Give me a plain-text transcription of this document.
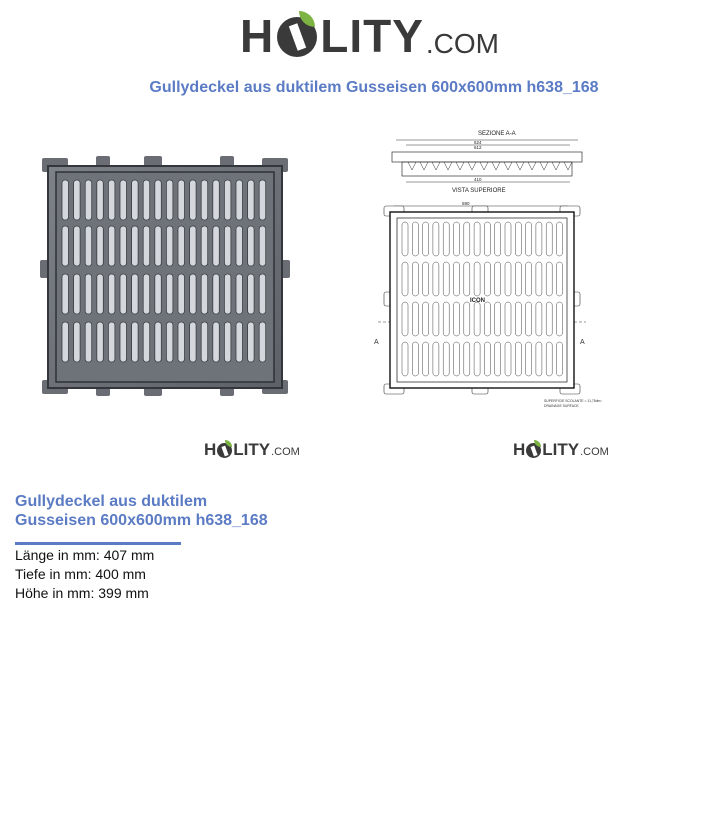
H LITY .COM
Gullydeckel aus duktilem Gusseisen 600x600mm h638_168
SEZIONE A-A
624
612
410
VISTA SUPERIORE
590
ICON
A	A
SUPERFICIE SCOLANTE = 11,75dm²
DRAINAGE SURFACE
H LITY .COM	H LITY .COM
Gullydeckel aus duktilem
Gusseisen 600x600mm h638_168
Länge in mm: 407 mm
Tiefe in mm: 400 mm
Höhe in mm: 399 mm
